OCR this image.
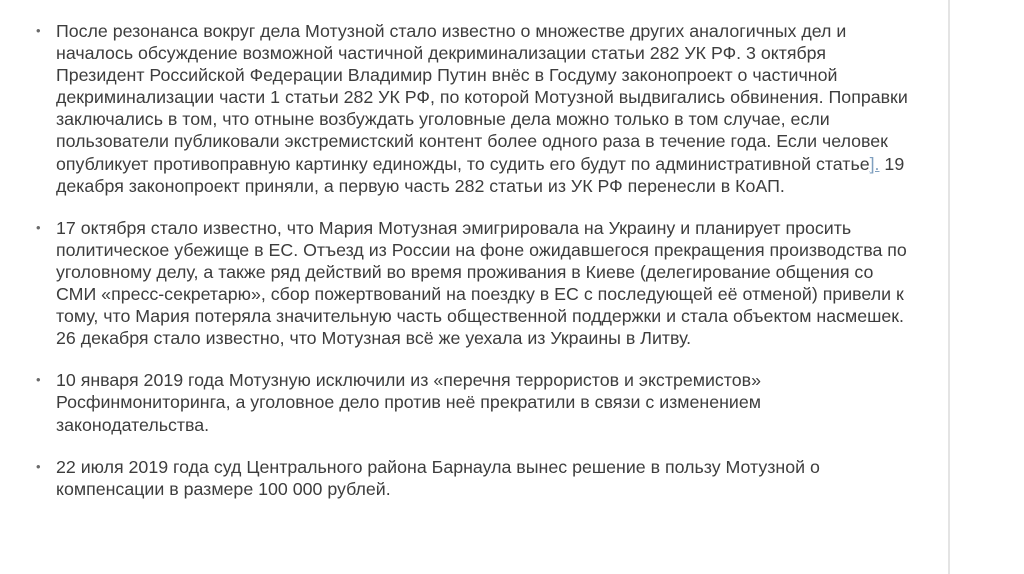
• После резонанса вокруг дела Мотузной стало известно о множестве других аналогичных дел и началось обсуждение возможной частичной декриминализации статьи 282 УК РФ. 3 октября Президент Российской Федерации Владимир Путин внёс в Госдуму законопроект о частичной декриминализации части 1 статьи 282 УК РФ, по которой Мотузной выдвигались обвинения. Поправки заключались в том, что отныне возбуждать уголовные дела можно только в том случае, если пользователи публиковали экстремистский контент более одного раза в течение года. Если человек опубликует противоправную картинку единожды, то судить его будут по административной статье]. 19 декабря законопроект приняли, а первую часть 282 статьи из УК РФ перенесли в КоАП.
• 17 октября стало известно, что Мария Мотузная эмигрировала на Украину и планирует просить политическое убежище в ЕС. Отъезд из России на фоне ожидавшегося прекращения производства по уголовному делу, а также ряд действий во время проживания в Киеве (делегирование общения со СМИ «пресс-секретарю», сбор пожертвований на поездку в ЕС с последующей её отменой) привели к тому, что Мария потеряла значительную часть общественной поддержки и стала объектом насмешек. 26 декабря стало известно, что Мотузная всё же уехала из Украины в Литву.
• 10 января 2019 года Мотузную исключили из «перечня террористов и экстремистов» Росфинмониторинга, а уголовное дело против неё прекратили в связи с изменением законодательства.
• 22 июля 2019 года суд Центрального района Барнаула вынес решение в пользу Мотузной о компенсации в размере 100 000 рублей.
